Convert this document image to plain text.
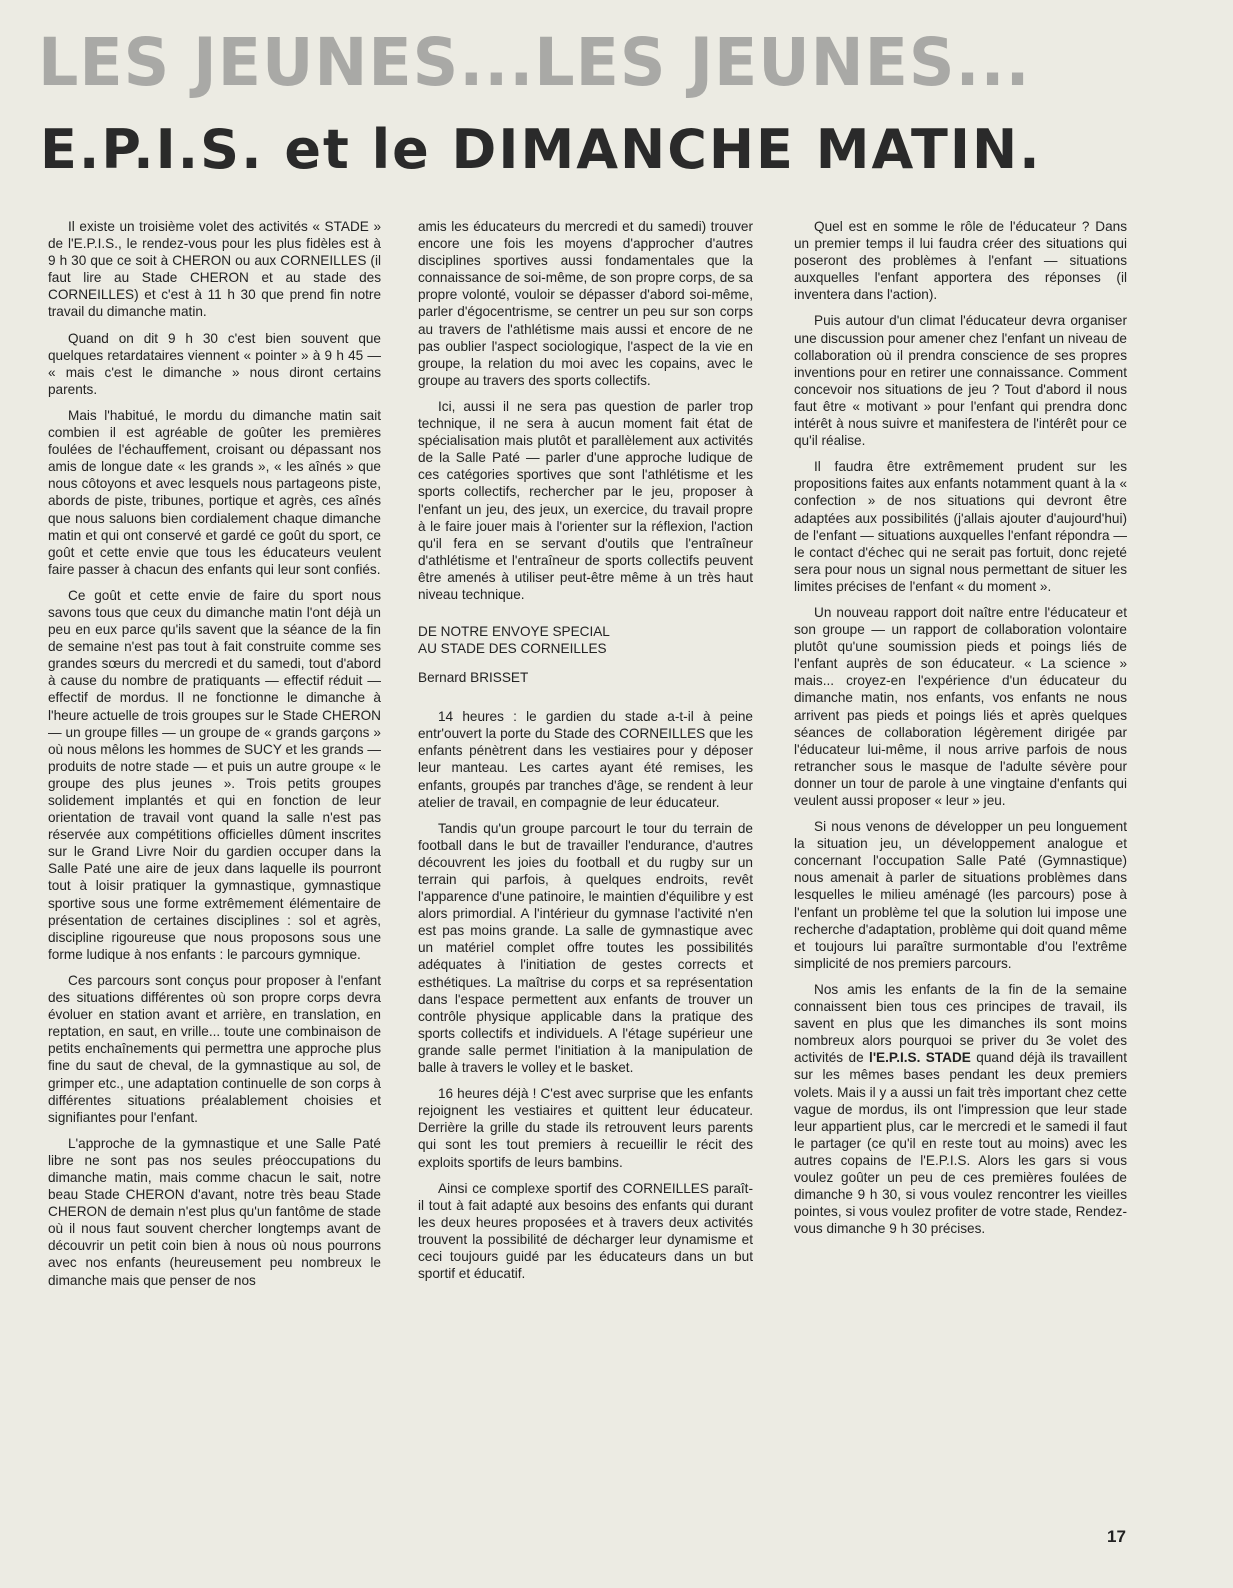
LES JEUNES...LES JEUNES...
E.P.I.S. et le DIMANCHE MATIN.

Il existe un troisième volet des activités « STADE » de l'E.P.I.S., le rendez-vous pour les plus fidèles est à 9 h 30 que ce soit à CHERON ou aux CORNEILLES (il faut lire au Stade CHERON et au stade des CORNEILLES) et c'est à 11 h 30 que prend fin notre travail du dimanche matin.

Quand on dit 9 h 30 c'est bien souvent que quelques retardataires viennent « pointer » à 9 h 45 — « mais c'est le dimanche » nous diront certains parents.

Mais l'habitué, le mordu du dimanche matin sait combien il est agréable de goûter les premières foulées de l'échauffement, croisant ou dépassant nos amis de longue date « les grands », « les aînés » que nous côtoyons et avec lesquels nous partageons piste, abords de piste, tribunes, portique et agrès, ces aînés que nous saluons bien cordialement chaque dimanche matin et qui ont conservé et gardé ce goût du sport, ce goût et cette envie que tous les éducateurs veulent faire passer à chacun des enfants qui leur sont confiés.

Ce goût et cette envie de faire du sport nous savons tous que ceux du dimanche matin l'ont déjà un peu en eux parce qu'ils savent que la séance de la fin de semaine n'est pas tout à fait construite comme ses grandes sœurs du mercredi et du samedi, tout d'abord à cause du nombre de pratiquants — effectif réduit — effectif de mordus. Il ne fonctionne le dimanche à l'heure actuelle de trois groupes sur le Stade CHERON — un groupe filles — un groupe de « grands garçons » où nous mêlons les hommes de SUCY et les grands — produits de notre stade — et puis un autre groupe « le groupe des plus jeunes ». Trois petits groupes solidement implantés et qui en fonction de leur orientation de travail vont quand la salle n'est pas réservée aux compétitions officielles dûment inscrites sur le Grand Livre Noir du gardien occuper dans la Salle Paté une aire de jeux dans laquelle ils pourront tout à loisir pratiquer la gymnastique, gymnastique sportive sous une forme extrêmement élémentaire de présentation de certaines disciplines : sol et agrès, discipline rigoureuse que nous proposons sous une forme ludique à nos enfants : le parcours gymnique.

Ces parcours sont conçus pour proposer à l'enfant des situations différentes où son propre corps devra évoluer en station avant et arrière, en translation, en reptation, en saut, en vrille... toute une combinaison de petits enchaînements qui permettra une approche plus fine du saut de cheval, de la gymnastique au sol, de grimper etc., une adaptation continuelle de son corps à différentes situations préalablement choisies et signifiantes pour l'enfant.

L'approche de la gymnastique et une Salle Paté libre ne sont pas nos seules préoccupations du dimanche matin, mais comme chacun le sait, notre beau Stade CHERON d'avant, notre très beau Stade CHERON de demain n'est plus qu'un fantôme de stade où il nous faut souvent chercher longtemps avant de découvrir un petit coin bien à nous où nous pourrons avec nos enfants (heureusement peu nombreux le dimanche mais que penser de nos

amis les éducateurs du mercredi et du samedi) trouver encore une fois les moyens d'approcher d'autres disciplines sportives aussi fondamentales que la connaissance de soi-même, de son propre corps, de sa propre volonté, vouloir se dépasser d'abord soi-même, parler d'égocentrisme, se centrer un peu sur son corps au travers de l'athlétisme mais aussi et encore de ne pas oublier l'aspect sociologique, l'aspect de la vie en groupe, la relation du moi avec les copains, avec le groupe au travers des sports collectifs.

Ici, aussi il ne sera pas question de parler trop technique, il ne sera à aucun moment fait état de spécialisation mais plutôt et parallèlement aux activités de la Salle Paté — parler d'une approche ludique de ces catégories sportives que sont l'athlétisme et les sports collectifs, rechercher par le jeu, proposer à l'enfant un jeu, des jeux, un exercice, du travail propre à le faire jouer mais à l'orienter sur la réflexion, l'action qu'il fera en se servant d'outils que l'entraîneur d'athlétisme et l'entraîneur de sports collectifs peuvent être amenés à utiliser peut-être même à un très haut niveau technique.

DE NOTRE ENVOYE SPECIAL
AU STADE DES CORNEILLES
Bernard BRISSET

14 heures : le gardien du stade a-t-il à peine entr'ouvert la porte du Stade des CORNEILLES que les enfants pénètrent dans les vestiaires pour y déposer leur manteau. Les cartes ayant été remises, les enfants, groupés par tranches d'âge, se rendent à leur atelier de travail, en compagnie de leur éducateur.

Tandis qu'un groupe parcourt le tour du terrain de football dans le but de travailler l'endurance, d'autres découvrent les joies du football et du rugby sur un terrain qui parfois, à quelques endroits, revêt l'apparence d'une patinoire, le maintien d'équilibre y est alors primordial. A l'intérieur du gymnase l'activité n'en est pas moins grande. La salle de gymnastique avec un matériel complet offre toutes les possibilités adéquates à l'initiation de gestes corrects et esthétiques. La maîtrise du corps et sa représentation dans l'espace permettent aux enfants de trouver un contrôle physique applicable dans la pratique des sports collectifs et individuels. A l'étage supérieur une grande salle permet l'initiation à la manipulation de balle à travers le volley et le basket.

16 heures déjà ! C'est avec surprise que les enfants rejoignent les vestiaires et quittent leur éducateur. Derrière la grille du stade ils retrouvent leurs parents qui sont les tout premiers à recueillir le récit des exploits sportifs de leurs bambins.

Ainsi ce complexe sportif des CORNEILLES paraît-il tout à fait adapté aux besoins des enfants qui durant les deux heures proposées et à travers deux activités trouvent la possibilité de décharger leur dynamisme et ceci toujours guidé par les éducateurs dans un but sportif et éducatif.

Quel est en somme le rôle de l'éducateur ? Dans un premier temps il lui faudra créer des situations qui poseront des problèmes à l'enfant — situations auxquelles l'enfant apportera des réponses (il inventera dans l'action).

Puis autour d'un climat l'éducateur devra organiser une discussion pour amener chez l'enfant un niveau de collaboration où il prendra conscience de ses propres inventions pour en retirer une connaissance. Comment concevoir nos situations de jeu ? Tout d'abord il nous faut être « motivant » pour l'enfant qui prendra donc intérêt à nous suivre et manifestera de l'intérêt pour ce qu'il réalise.

Il faudra être extrêmement prudent sur les propositions faites aux enfants notamment quant à la « confection » de nos situations qui devront être adaptées aux possibilités (j'allais ajouter d'aujourd'hui) de l'enfant — situations auxquelles l'enfant répondra — le contact d'échec qui ne serait pas fortuit, donc rejeté sera pour nous un signal nous permettant de situer les limites précises de l'enfant « du moment ».

Un nouveau rapport doit naître entre l'éducateur et son groupe — un rapport de collaboration volontaire plutôt qu'une soumission pieds et poings liés de l'enfant auprès de son éducateur. « La science » mais... croyez-en l'expérience d'un éducateur du dimanche matin, nos enfants, vos enfants ne nous arrivent pas pieds et poings liés et après quelques séances de collaboration légèrement dirigée par l'éducateur lui-même, il nous arrive parfois de nous retrancher sous le masque de l'adulte sévère pour donner un tour de parole à une vingtaine d'enfants qui veulent aussi proposer « leur » jeu.

Si nous venons de développer un peu longuement la situation jeu, un développement analogue et concernant l'occupation Salle Paté (Gymnastique) nous amenait à parler de situations problèmes dans lesquelles le milieu aménagé (les parcours) pose à l'enfant un problème tel que la solution lui impose une recherche d'adaptation, problème qui doit quand même et toujours lui paraître surmontable d'ou l'extrême simplicité de nos premiers parcours.

Nos amis les enfants de la fin de la semaine connaissent bien tous ces principes de travail, ils savent en plus que les dimanches ils sont moins nombreux alors pourquoi se priver du 3e volet des activités de l'E.P.I.S. STADE quand déjà ils travaillent sur les mêmes bases pendant les deux premiers volets. Mais il y a aussi un fait très important chez cette vague de mordus, ils ont l'impression que leur stade leur appartient plus, car le mercredi et le samedi il faut le partager (ce qu'il en reste tout au moins) avec les autres copains de l'E.P.I.S. Alors les gars si vous voulez goûter un peu de ces premières foulées de dimanche 9 h 30, si vous voulez rencontrer les vieilles pointes, si vous voulez profiter de votre stade, Rendez-vous dimanche 9 h 30 précises.

17
